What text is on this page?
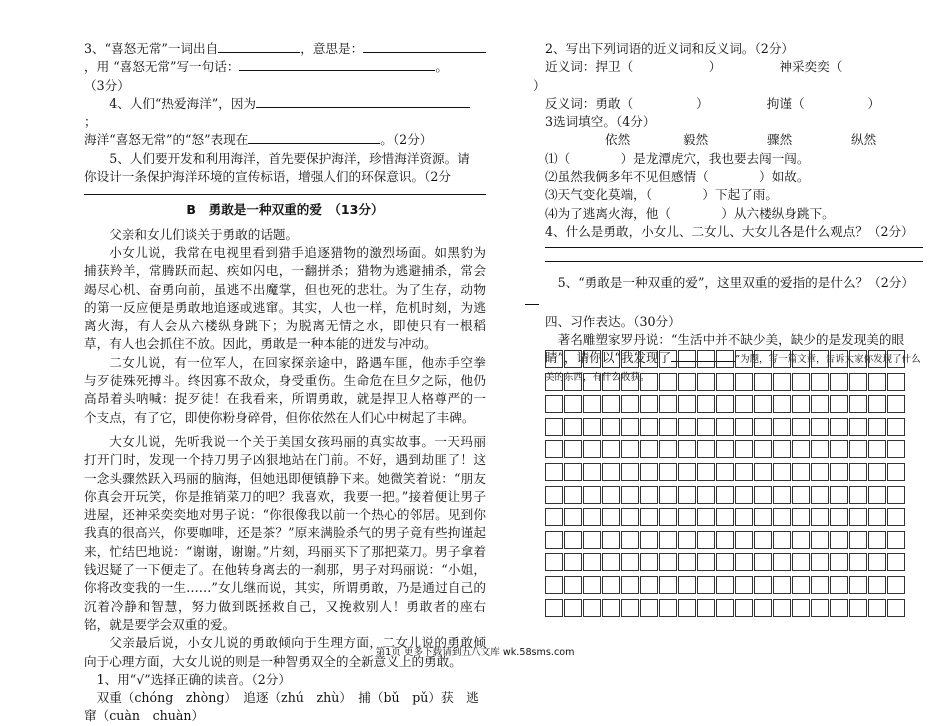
3、“喜怒无常”一词出自	，意思是：
，用 “喜怒无常”写一句话：	。
（3分）
4、人们“热爱海洋”，因为
；
海洋“喜怒无常”的“怒”表现在	。（2分）
5、人们要开发和利用海洋，首先要保护海洋，珍惜海洋资源。请
你设计一条保护海洋环境的宣传标语，增强人们的环保意识。（2分
B　勇敢是一种双重的爱　（13分）
父亲和女儿们谈关于勇敢的话题。
小女儿说，我常在电视里看到猎手追逐猎物的激烈场面。如黑豹为捕获羚羊，常腾跃而起、疾如闪电，一翻拼杀；猎物为逃避捕杀，常会竭尽心机、奋勇向前，虽逃不出魔掌，但也死的悲壮。为了生存，动物的第一反应便是勇敢地追逐或逃窜。其实，人也一样，危机时刻，为逃离火海，有人会从六楼纵身跳下；为脱离无情之水，即使只有一根稻草，有人也会抓住不放。因此，勇敢是一种本能的迸发与冲动。
二女儿说，有一位军人，在回家探亲途中，路遇车匪，他赤手空拳与歹徒殊死搏斗。终因寡不敌众，身受重伤。生命危在旦夕之际，他仍高昂着头呐喊：捉歹徒！在我看来，所谓勇敢，就是捍卫人格尊严的一个支点，有了它，即使你粉身碎骨，但你依然在人们心中树起了丰碑。
大女儿说，先听我说一个关于美国女孩玛丽的真实故事。一天玛丽打开门时，发现一个持刀男子凶狠地站在门前。不好，遇到劫匪了！这一念头骤然跃入玛丽的脑海，但她迅即便镇静下来。她微笑着说：“朋友你真会开玩笑，你是推销菜刀的吧？我喜欢，我要一把。”接着便让男子进屋，还神采奕奕地对男子说：“你很像我以前一个热心的邻居。见到你我真的很高兴，你要咖啡，还是茶？”原来满脸杀气的男子竟有些拘谨起来，忙结巴地说：“谢谢，谢谢。”片刻，玛丽买下了那把菜刀。男子拿着钱迟疑了一下便走了。在他转身离去的一刹那，男子对玛丽说：“小姐，你将改变我的一生……”女儿继而说，其实，所谓勇敢，乃是通过自己的沉着冷静和智慧，努力做到既拯救自己，又挽救别人！勇敢者的座右铭，就是要学会双重的爱。
父亲最后说，小女儿说的勇敢倾向于生理方面，二女儿说的勇敢倾向于心理方面，大女儿说的则是一种智勇双全的全新意义上的勇敢。
1、用“√”选择正确的读音。（2分）
双重（chóng　zhòng）　追逐（zhú　zhù）　捕（bǔ　pǔ）获　逃
窜（cuàn　chuàn）
2、写出下列词语的近义词和反义词。（2分）
近义词：捍卫（　　　　　　）	神采奕奕（
）
反义词：勇敢（　　　　　）	拘谨（　　　　　）
3选词填空。（4分）
依然	毅然	骤然	纵然
⑴（　　　　）是龙潭虎穴，我也要去闯一闯。
⑵虽然我俩多年不见但感情（　　　　）如故。
⑶天气变化莫端，（　　　　）下起了雨。
⑷为了逃离火海，他（　　　　）从六楼纵身跳下。
4、什么是勇敢，小女儿、二女儿、大女儿各是什么观点？（2分）
5、“勇敢是一种双重的爱”，这里双重的爱指的是什么？（2分）
四、习作表达。（30分）
著名雕塑家罗丹说：“生活中并不缺少美，缺少的是发现美的眼
睛”，请你以“我发现了	”为题，写一篇文章，告诉大家你发现了什么
美的东西，有什么收获。
第1页 更多下载请到五八文库 wk.58sms.com
